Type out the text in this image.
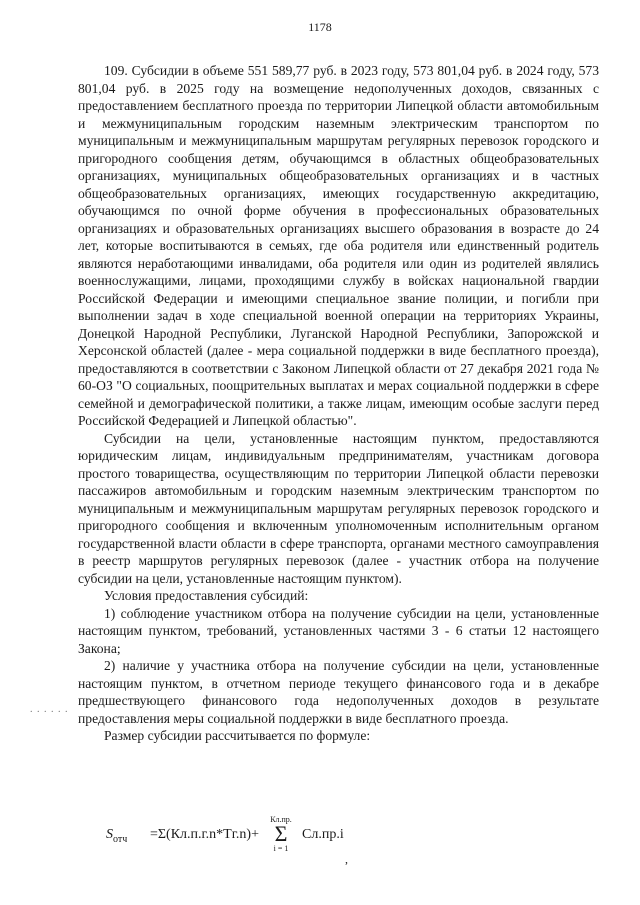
1178
. . . . . .

109. Субсидии в объеме 551 589,77 руб. в 2023 году, 573 801,04 руб. в 2024 году, 573 801,04 руб. в 2025 году на возмещение недополученных доходов, связанных с предоставлением бесплатного проезда по территории Липецкой области автомобильным и межмуниципальным городским наземным электрическим транспортом по муниципальным и межмуниципальным маршрутам регулярных перевозок городского и пригородного сообщения детям, обучающимся в областных общеобразовательных организациях, муниципальных общеобразовательных организациях и в частных общеобразовательных организациях, имеющих государственную аккредитацию, обучающимся по очной форме обучения в профессиональных образовательных организациях и образовательных организациях высшего образования в возрасте до 24 лет, которые воспитываются в семьях, где оба родителя или единственный родитель являются неработающими инвалидами, оба родителя или один из родителей являлись военнослужащими, лицами, проходящими службу в войсках национальной гвардии Российской Федерации и имеющими специальное звание полиции, и погибли при выполнении задач в ходе специальной военной операции на территориях Украины, Донецкой Народной Республики, Луганской Народной Республики, Запорожской и Херсонской областей (далее - мера социальной поддержки в виде бесплатного проезда), предоставляются в соответствии с Законом Липецкой области от 27 декабря 2021 года № 60-ОЗ "О социальных, поощрительных выплатах и мерах социальной поддержки в сфере семейной и демографической политики, а также лицам, имеющим особые заслуги перед Российской Федерацией и Липецкой областью".

Субсидии на цели, установленные настоящим пунктом, предоставляются юридическим лицам, индивидуальным предпринимателям, участникам договора простого товарищества, осуществляющим по территории Липецкой области перевозки пассажиров автомобильным и городским наземным электрическим транспортом по муниципальным и межмуниципальным маршрутам регулярных перевозок городского и пригородного сообщения и включенным уполномоченным исполнительным органом государственной власти области в сфере транспорта, органами местного самоуправления в реестр маршрутов регулярных перевозок (далее - участник отбора на получение субсидии на цели, установленные настоящим пунктом).

Условия предоставления субсидий:

1) соблюдение участником отбора на получение субсидии на цели, установленные настоящим пунктом, требований, установленных частями 3 - 6 статьи 12 настоящего Закона;

2) наличие у участника отбора на получение субсидии на цели, установленные настоящим пунктом, в отчетном периоде текущего финансового года и в декабре предшествующего финансового года недополученных доходов в результате предоставления меры социальной поддержки в виде бесплатного проезда.

Размер субсидии рассчитывается по формуле:

$S_{отч} =\Sigma(Кл.п.г.n*Тг.n)+$
Кл.пр.
Σ
i = 1
Сл.пр.i
,
